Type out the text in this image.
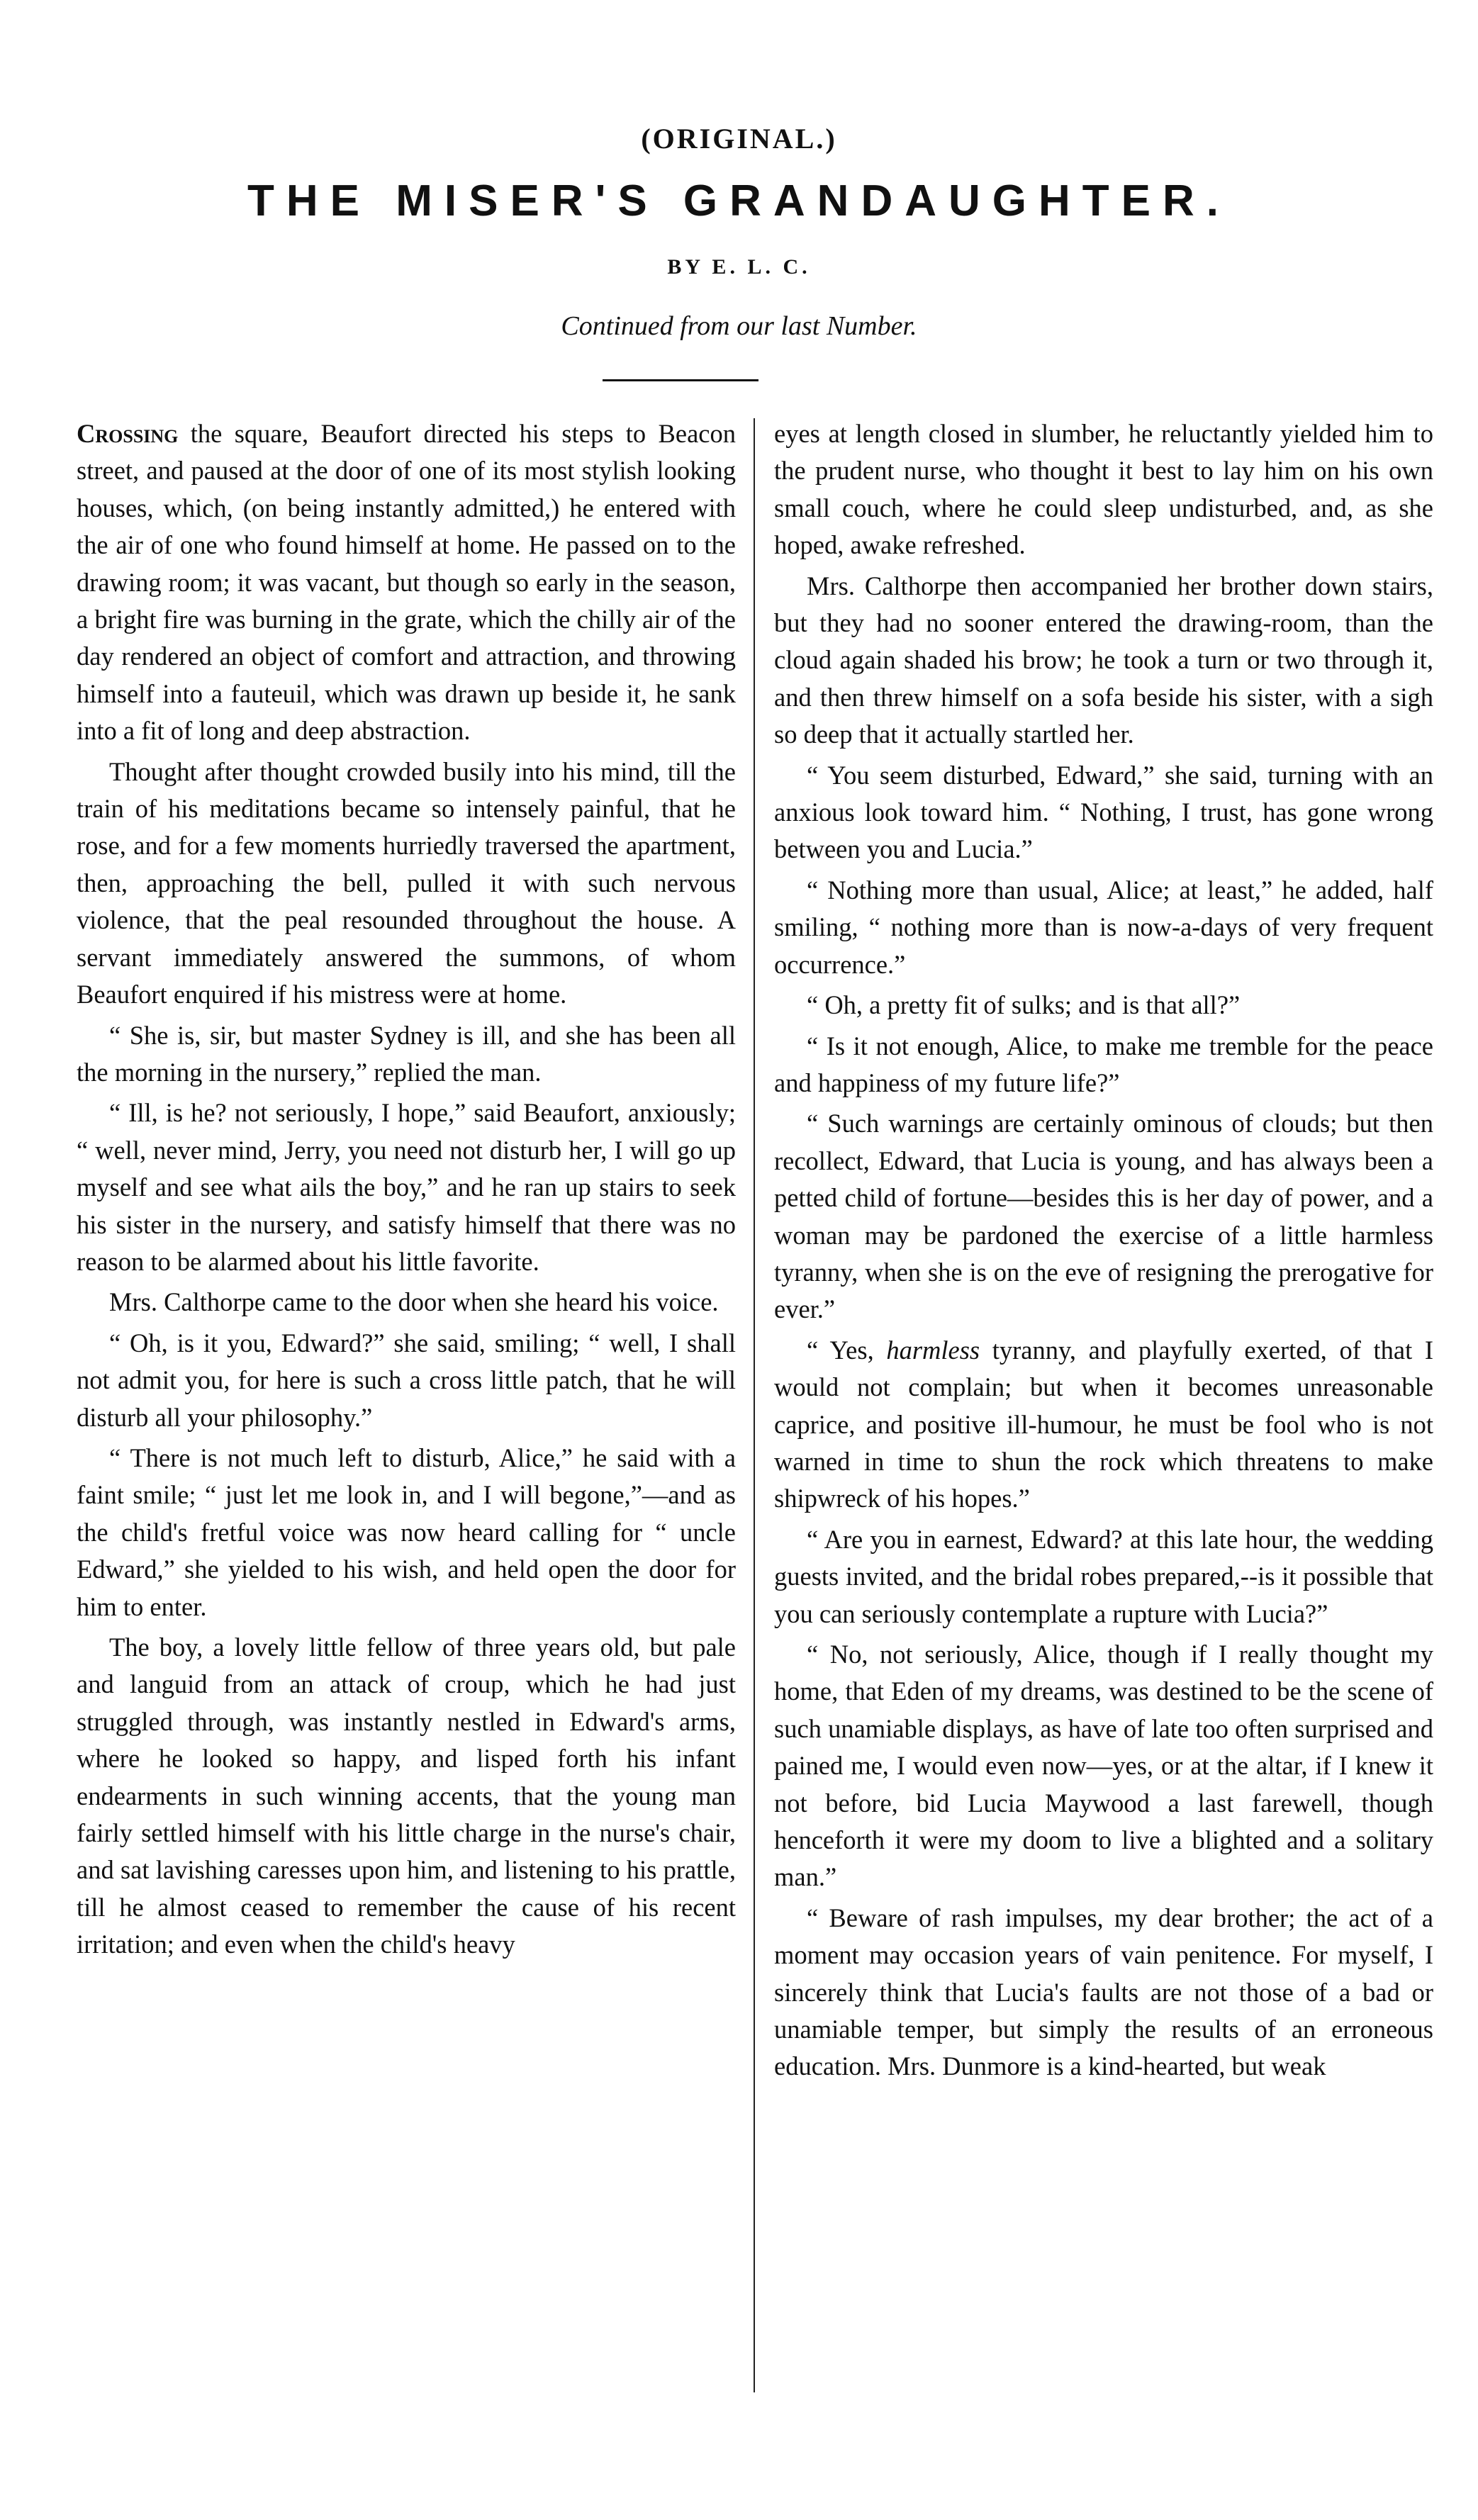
(ORIGINAL.)
THE MISER'S GRANDAUGHTER.
BY E. L. C.
Continued from our last Number.

Crossing the square, Beaufort directed his steps to Beacon street, and paused at the door of one of its most stylish looking houses, which, (on being instantly admitted,) he entered with the air of one who found himself at home. He passed on to the drawing room; it was vacant, but though so early in the season, a bright fire was burning in the grate, which the chilly air of the day rendered an object of comfort and attraction, and throwing himself into a fauteuil, which was drawn up beside it, he sank into a fit of long and deep abstraction.

Thought after thought crowded busily into his mind, till the train of his meditations became so intensely painful, that he rose, and for a few moments hurriedly traversed the apartment, then, approaching the bell, pulled it with such nervous violence, that the peal resounded throughout the house. A servant immediately answered the summons, of whom Beaufort enquired if his mistress were at home.

“ She is, sir, but master Sydney is ill, and she has been all the morning in the nursery,” replied the man.

“ Ill, is he? not seriously, I hope,” said Beaufort, anxiously; “ well, never mind, Jerry, you need not disturb her, I will go up myself and see what ails the boy,” and he ran up stairs to seek his sister in the nursery, and satisfy himself that there was no reason to be alarmed about his little favorite.

Mrs. Calthorpe came to the door when she heard his voice.

“ Oh, is it you, Edward?” she said, smiling; “ well, I shall not admit you, for here is such a cross little patch, that he will disturb all your philosophy.”

“ There is not much left to disturb, Alice,” he said with a faint smile; “ just let me look in, and I will begone,”—and as the child's fretful voice was now heard calling for “ uncle Edward,” she yielded to his wish, and held open the door for him to enter.

The boy, a lovely little fellow of three years old, but pale and languid from an attack of croup, which he had just struggled through, was instantly nestled in Edward's arms, where he looked so happy, and lisped forth his infant endearments in such winning accents, that the young man fairly settled himself with his little charge in the nurse's chair, and sat lavishing caresses upon him, and listening to his prattle, till he almost ceased to remember the cause of his recent irritation; and even when the child's heavy

eyes at length closed in slumber, he reluctantly yielded him to the prudent nurse, who thought it best to lay him on his own small couch, where he could sleep undisturbed, and, as she hoped, awake refreshed.

Mrs. Calthorpe then accompanied her brother down stairs, but they had no sooner entered the drawing-room, than the cloud again shaded his brow; he took a turn or two through it, and then threw himself on a sofa beside his sister, with a sigh so deep that it actually startled her.

“ You seem disturbed, Edward,” she said, turning with an anxious look toward him. “ Nothing, I trust, has gone wrong between you and Lucia.”

“ Nothing more than usual, Alice; at least,” he added, half smiling, “ nothing more than is now-a-days of very frequent occurrence.”

“ Oh, a pretty fit of sulks; and is that all?”

“ Is it not enough, Alice, to make me tremble for the peace and happiness of my future life?”

“ Such warnings are certainly ominous of clouds; but then recollect, Edward, that Lucia is young, and has always been a petted child of fortune—besides this is her day of power, and a woman may be pardoned the exercise of a little harmless tyranny, when she is on the eve of resigning the prerogative for ever.”

“ Yes, harmless tyranny, and playfully exerted, of that I would not complain; but when it becomes unreasonable caprice, and positive ill-humour, he must be fool who is not warned in time to shun the rock which threatens to make shipwreck of his hopes.”

“ Are you in earnest, Edward? at this late hour, the wedding guests invited, and the bridal robes prepared,--is it possible that you can seriously contemplate a rupture with Lucia?”

“ No, not seriously, Alice, though if I really thought my home, that Eden of my dreams, was destined to be the scene of such unamiable displays, as have of late too often surprised and pained me, I would even now—yes, or at the altar, if I knew it not before, bid Lucia Maywood a last farewell, though henceforth it were my doom to live a blighted and a solitary man.”

“ Beware of rash impulses, my dear brother; the act of a moment may occasion years of vain penitence. For myself, I sincerely think that Lucia's faults are not those of a bad or unamiable temper, but simply the results of an erroneous education. Mrs. Dunmore is a kind-hearted, but weak
